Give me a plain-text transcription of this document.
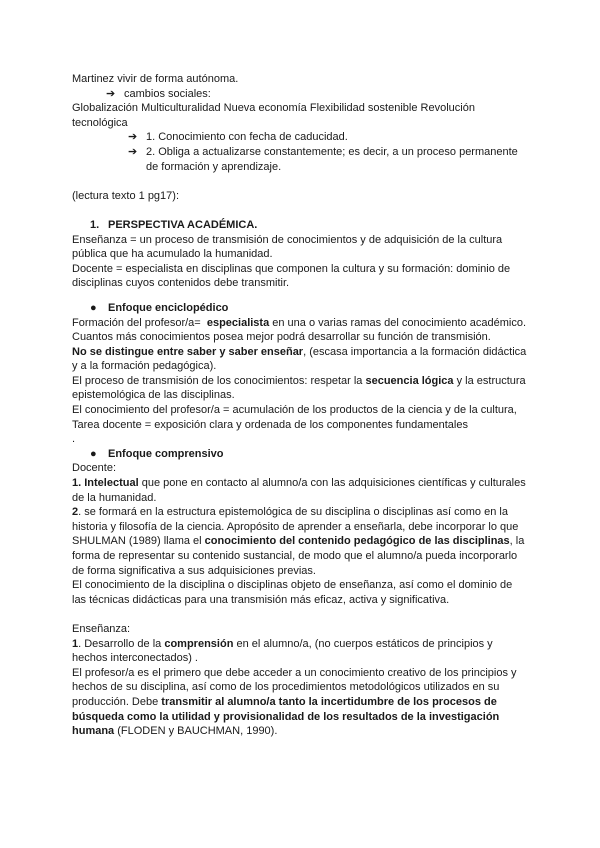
Martinez vivir de forma autónoma.

➔ cambios sociales:

Globalización Multiculturalidad Nueva economía Flexibilidad sostenible Revolución tecnológica

➔ 1. Conocimiento con fecha de caducidad.
➔ 2. Obliga a actualizarse constantemente; es decir, a un proceso permanente de formación y aprendizaje.

(lectura texto 1 pg17):

1. PERSPECTIVA ACADÉMICA.

Enseñanza = un proceso de transmisión de conocimientos y de adquisición de la cultura pública que ha acumulado la humanidad.

Docente = especialista en disciplinas que componen la cultura y su formación: dominio de disciplinas cuyos contenidos debe transmitir.

●	Enfoque enciclopédico

Formación del profesor/a= especialista en una o varias ramas del conocimiento académico. Cuantos más conocimientos posea mejor podrá desarrollar su función de transmisión.

No se distingue entre saber y saber enseñar, (escasa importancia a la formación didáctica y a la formación pedagógica).

El proceso de transmisión de los conocimientos: respetar la secuencia lógica y la estructura epistemológica de las disciplinas.

El conocimiento del profesor/a = acumulación de los productos de la ciencia y de la cultura,

Tarea docente = exposición clara y ordenada de los componentes fundamentales

.

●	Enfoque comprensivo

Docente:

1. Intelectual que pone en contacto al alumno/a con las adquisiciones científicas y culturales de la humanidad.

2. se formará en la estructura epistemológica de su disciplina o disciplinas así como en la historia y filosofía de la ciencia. Apropósito de aprender a enseñarla, debe incorporar lo que SHULMAN (1989) llama el conocimiento del contenido pedagógico de las disciplinas, la forma de representar su contenido sustancial, de modo que el alumno/a pueda incorporarlo de forma significativa a sus adquisiciones previas.

El conocimiento de la disciplina o disciplinas objeto de enseñanza, así como el dominio de las técnicas didácticas para una transmisión más eficaz, activa y significativa.

Enseñanza:

1. Desarrollo de la comprensión en el alumno/a, (no cuerpos estáticos de principios y hechos interconectados) .

El profesor/a es el primero que debe acceder a un conocimiento creativo de los principios y hechos de su disciplina, así como de los procedimientos metodológicos utilizados en su producción. Debe transmitir al alumno/a tanto la incertidumbre de los procesos de búsqueda como la utilidad y provisionalidad de los resultados de la investigación humana (FLODEN y BAUCHMAN, 1990).
